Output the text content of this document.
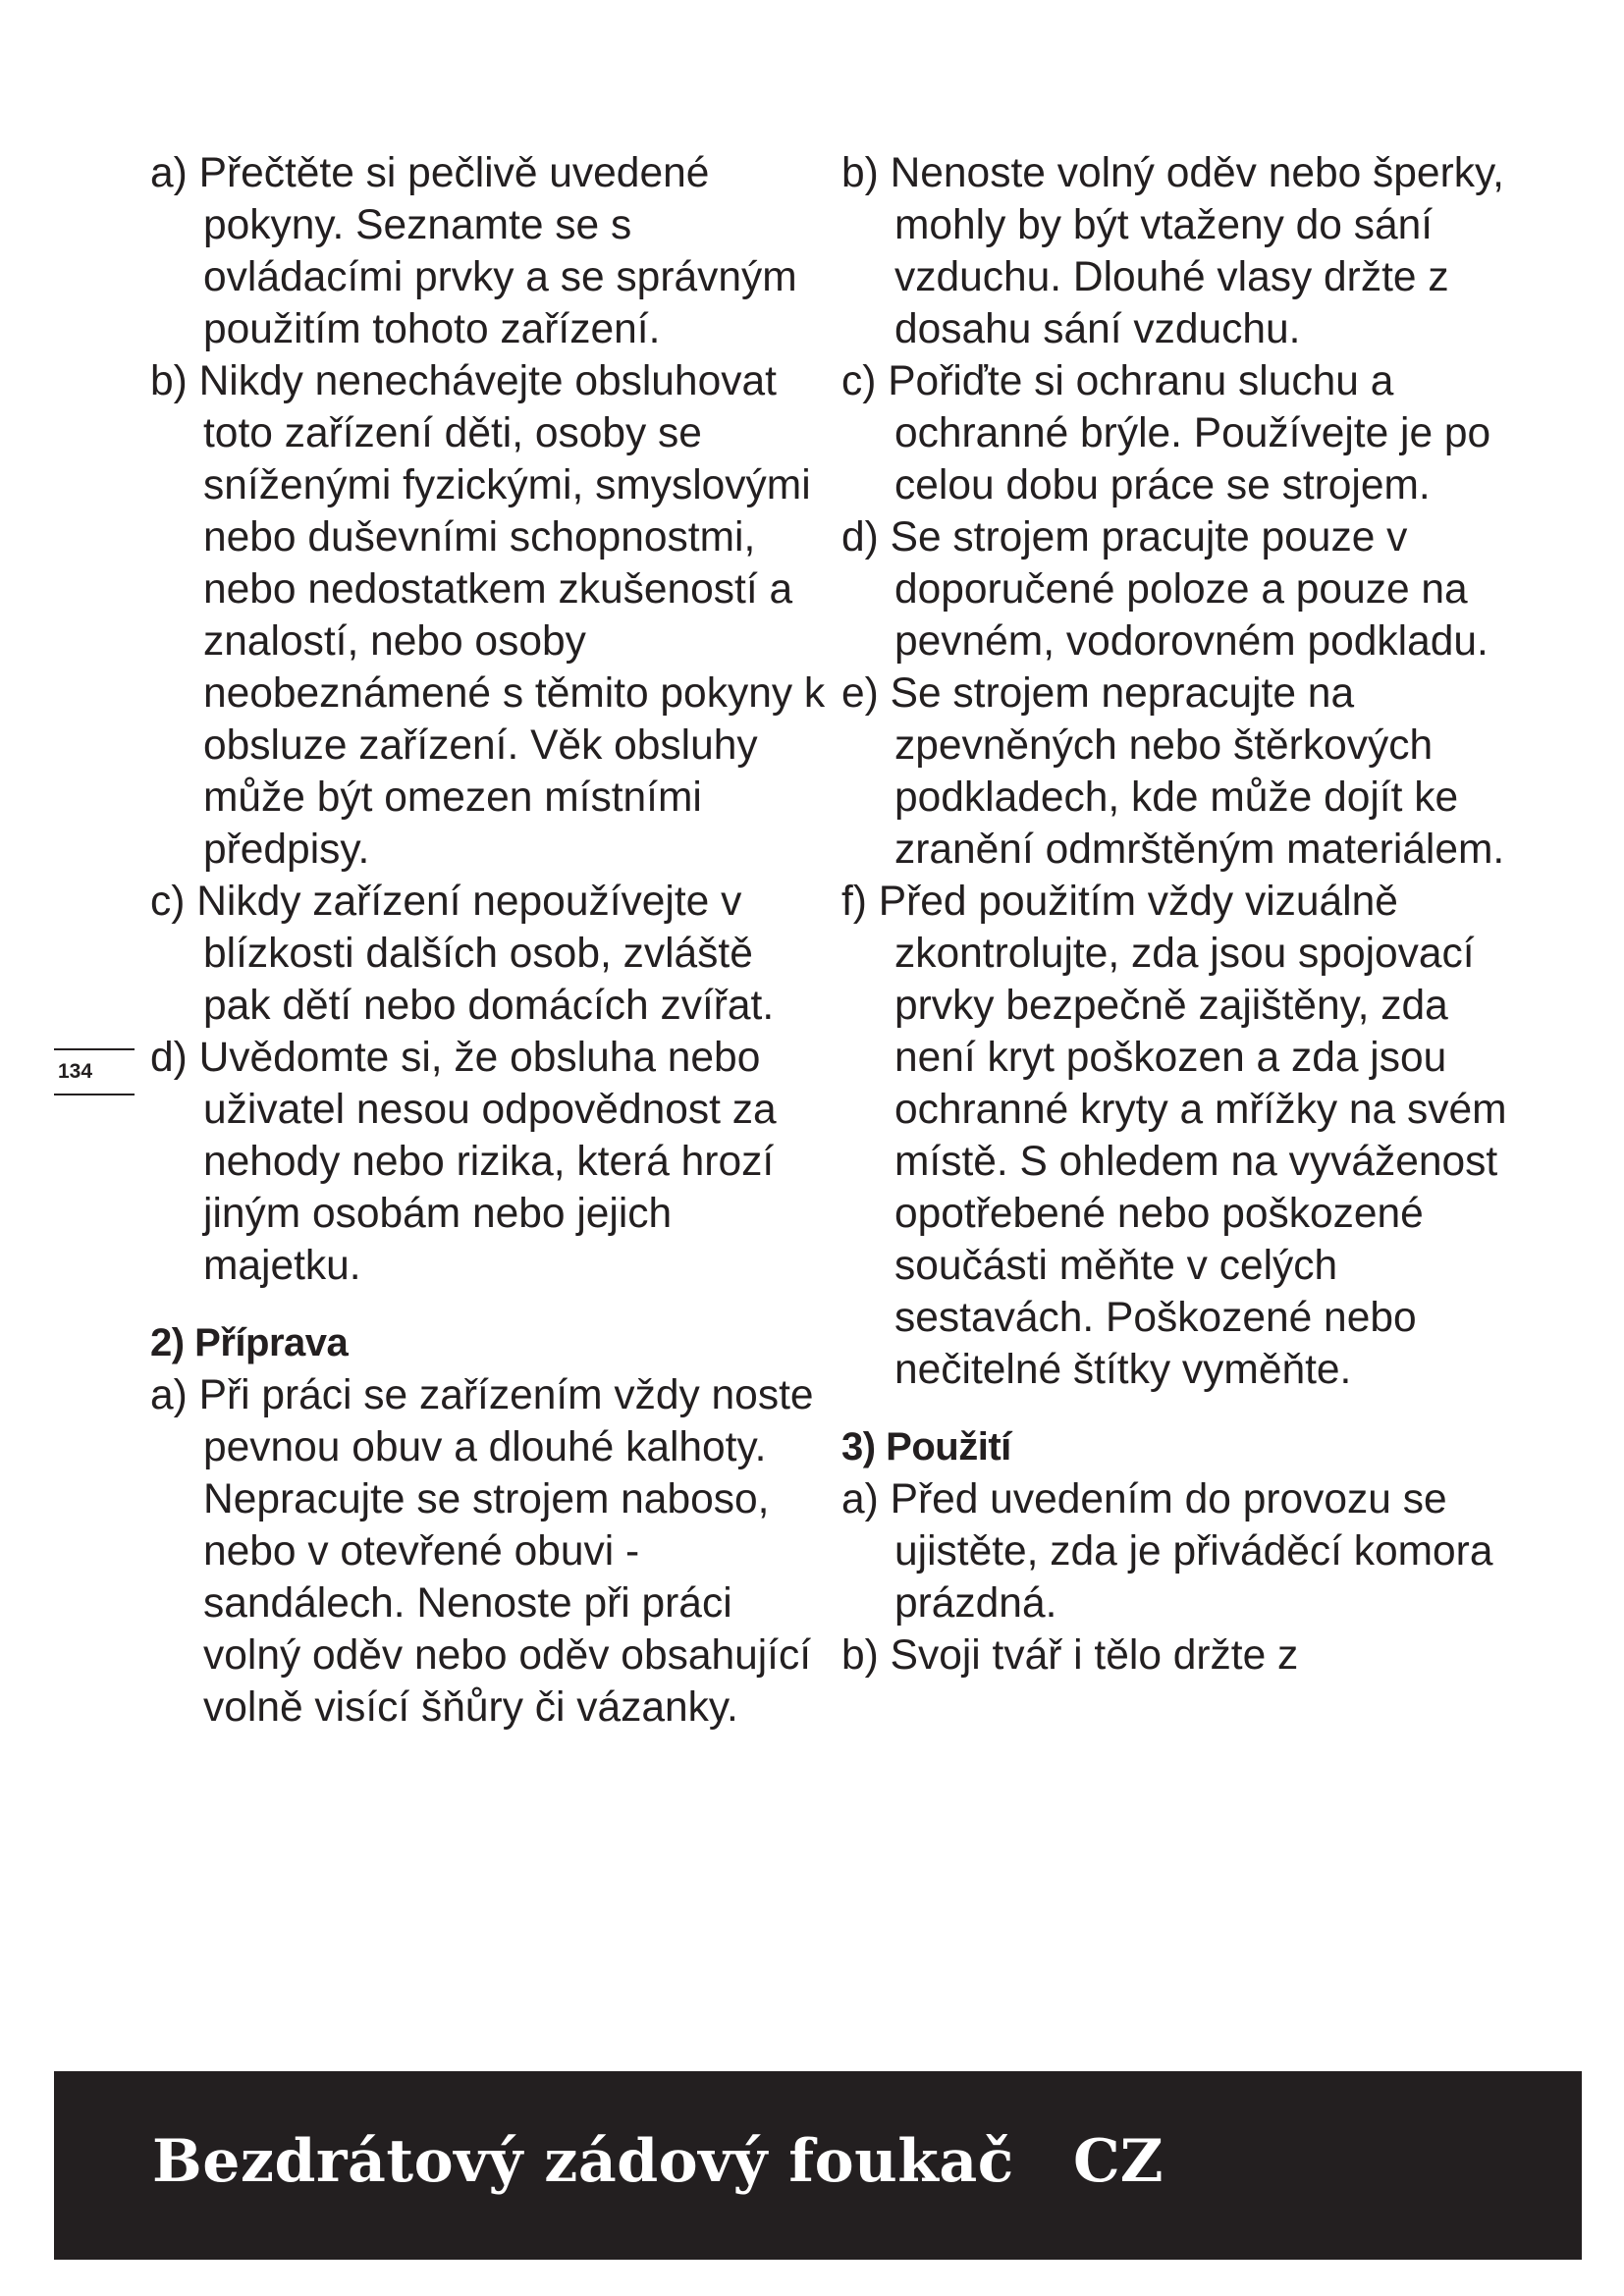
a) Přečtěte si pečlivě uvedené pokyny. Seznamte se s ovládacími prvky a se správným použitím tohoto zařízení.
b) Nikdy nenechávejte obsluhovat toto zařízení děti, osoby se sníženými fyzickými, smyslovými nebo duševními schopnostmi, nebo nedostatkem zkušeností a znalostí, nebo osoby neobeznámené s těmito pokyny k obsluze zařízení. Věk obsluhy může být omezen místními předpisy.
c) Nikdy zařízení nepoužívejte v blízkosti dalších osob, zvláště pak dětí nebo domácích zvířat.
d) Uvědomte si, že obsluha nebo uživatel nesou odpovědnost za nehody nebo rizika, která hrozí jiným osobám nebo jejich majetku.
2) Příprava
a) Při práci se zařízením vždy noste pevnou obuv a dlouhé kalhoty. Nepracujte se strojem naboso, nebo v otevřené obuvi - sandálech. Nenoste při práci volný oděv nebo oděv obsahující volně visící šňůry či vázanky.
b) Nenoste volný oděv nebo šperky, mohly by být vtaženy do sání vzduchu. Dlouhé vlasy držte z dosahu sání vzduchu.
c) Pořiďte si ochranu sluchu a ochranné brýle. Používejte je po celou dobu práce se strojem.
d) Se strojem pracujte pouze v doporučené poloze a pouze na pevném, vodorovném podkladu.
e) Se strojem nepracujte na zpevněných nebo štěrkových podkladech, kde může dojít ke zranění odmrštěným materiálem.
f) Před použitím vždy vizuálně zkontrolujte, zda jsou spojovací prvky bezpečně zajištěny, zda není kryt poškozen a zda jsou ochranné kryty a mřížky na svém místě. S ohledem na vyváženost opotřebené nebo poškozené součásti měňte v celých sestavách. Poškozené nebo nečitelné štítky vyměňte.
3) Použití
a) Před uvedením do provozu se ujistěte, zda je přiváděcí komora prázdná.
b) Svoji tvář i tělo držte z
134
Bezdrátový zádový foukač CZ
